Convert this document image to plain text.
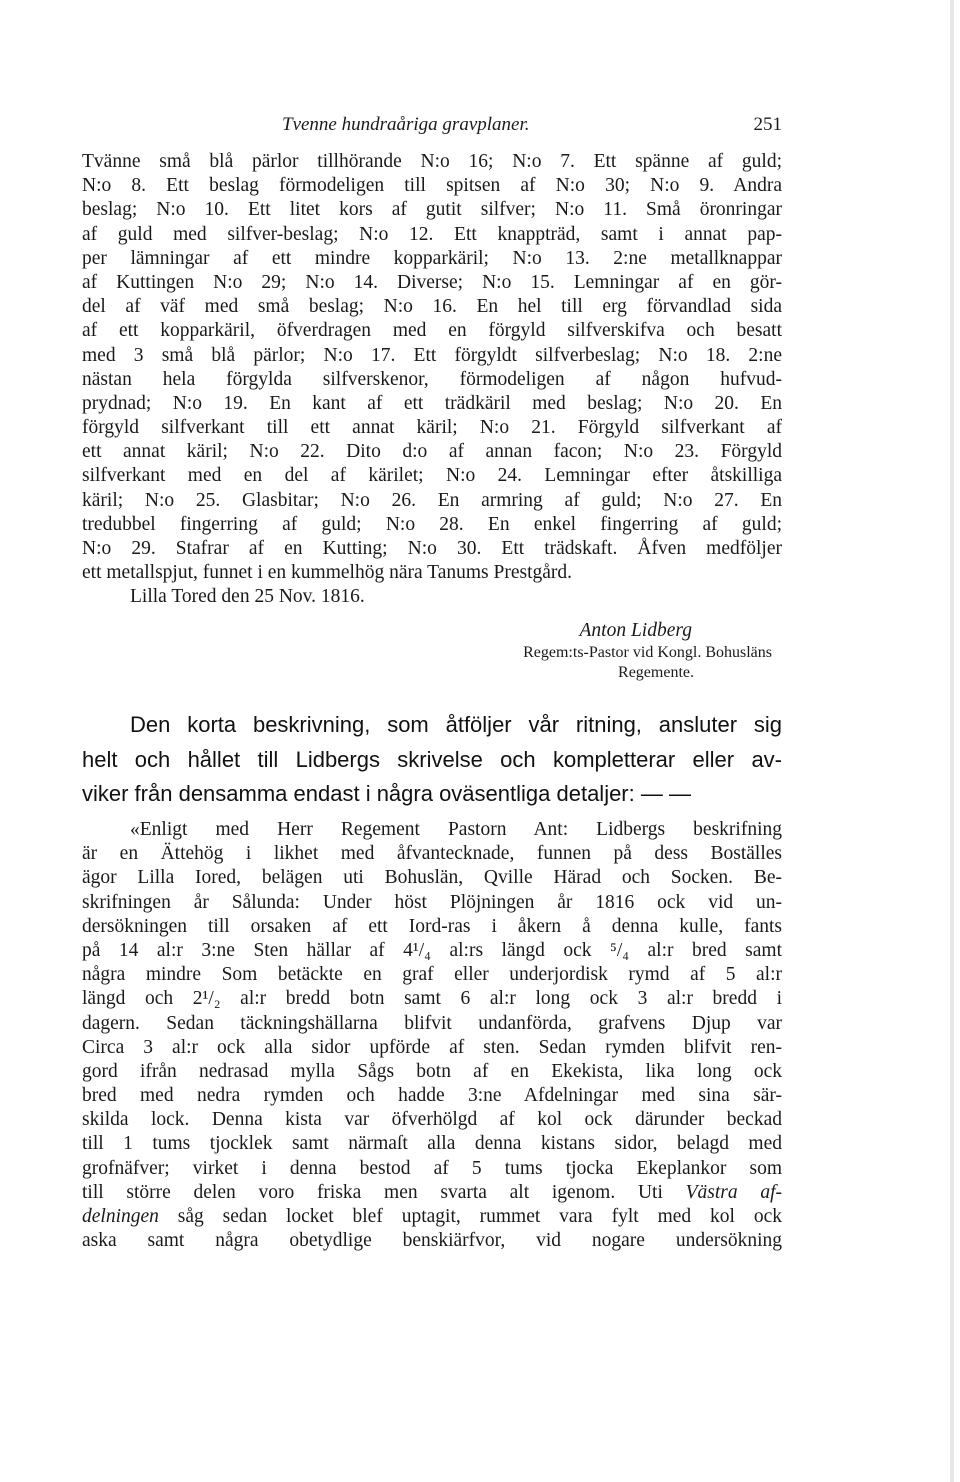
Tvenne hundraåriga gravplaner.	251
Tvänne små blå pärlor tillhörande N:o 16; N:o 7. Ett spänne af guld;
N:o 8. Ett beslag förmodeligen till spitsen af N:o 30; N:o 9. Andra
beslag; N:o 10. Ett litet kors af gutit silfver; N:o 11. Små öronringar
af guld med silfver-beslag; N:o 12. Ett knappträd, samt i annat pap-
per lämningar af ett mindre kopparkäril; N:o 13. 2:ne metallknappar
af Kuttingen N:o 29; N:o 14. Diverse; N:o 15. Lemningar af en gör-
del af väf med små beslag; N:o 16. En hel till erg förvandlad sida
af ett kopparkäril, öfverdragen med en förgyld silfverskifva och besatt
med 3 små blå pärlor; N:o 17. Ett förgyldt silfverbeslag; N:o 18. 2:ne
nästan hela förgylda silfverskenor, förmodeligen af någon hufvud-
prydnad; N:o 19. En kant af ett trädkäril med beslag; N:o 20. En
förgyld silfverkant till ett annat käril; N:o 21. Förgyld silfverkant af
ett annat käril; N:o 22. Dito d:o af annan facon; N:o 23. Förgyld
silfverkant med en del af kärilet; N:o 24. Lemningar efter åtskilliga
käril; N:o 25. Glasbitar; N:o 26. En armring af guld; N:o 27. En
tredubbel fingerring af guld; N:o 28. En enkel fingerring af guld;
N:o 29. Stafrar af en Kutting; N:o 30. Ett trädskaft. Åfven medföljer
ett metallspjut, funnet i en kummelhög nära Tanums Prestgård.
Lilla Tored den 25 Nov. 1816.
Anton Lidberg
Regem:ts-Pastor vid Kongl. Bohusläns
Regemente.
Den korta beskrivning, som åtföljer vår ritning, ansluter sig
helt och hållet till Lidbergs skrivelse och kompletterar eller av-
viker från densamma endast i några oväsentliga detaljer: — —
«Enligt med Herr Regement Pastorn Ant: Lidbergs beskrifning
är en Ättehög i likhet med åfvantecknade, funnen på dess Boställes
ägor Lilla Iored, belägen uti Bohuslän, Qville Härad och Socken. Be-
skrifningen år Sålunda: Under höst Plöjningen år 1816 ock vid un-
dersökningen till orsaken af ett Iord-ras i åkern å denna kulle, fants
på 14 al:r 3:ne Sten hällar af 4¹/₄ al:rs längd ock ⁵/₄ al:r bred samt
några mindre Som betäckte en graf eller underjordisk rymd af 5 al:r
längd och 2¹/₂ al:r bredd botn samt 6 al:r long ock 3 al:r bredd i
dagern. Sedan täckningshällarna blifvit undanförda, grafvens Djup var
Circa 3 al:r ock alla sidor upförde af sten. Sedan rymden blifvit ren-
gord ifrån nedrasad mylla Sågs botn af en Ekekista, lika long ock
bred med nedra rymden och hadde 3:ne Afdelningar med sina sär-
skilda lock. Denna kista var öfverhölgd af kol ock därunder beckad
till 1 tums tjocklek samt närmaſt alla denna kistans sidor, belagd med
grofnäfver; virket i denna bestod af 5 tums tjocka Ekeplankor som
till större delen voro friska men svarta alt igenom. Uti Västra af-
delningen såg sedan locket blef uptagit, rummet vara fylt med kol ock
aska samt några obetydlige benskiärfvor, vid nogare undersökning
